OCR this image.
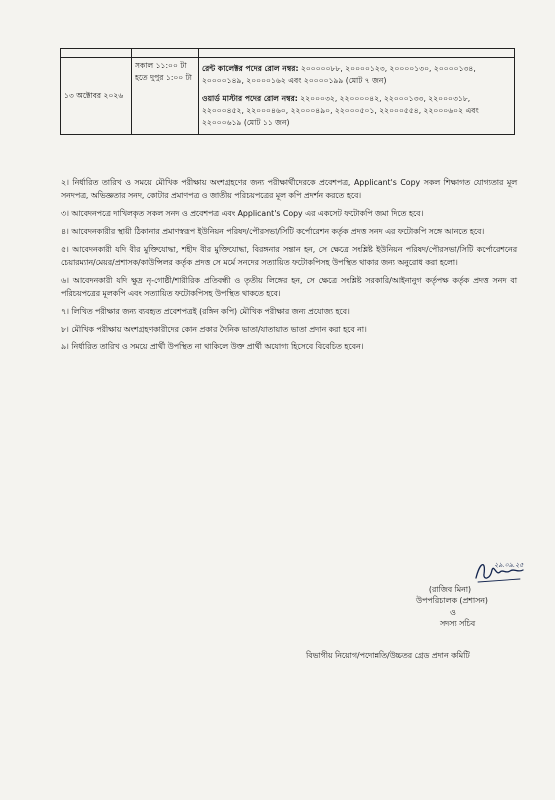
১৩ অক্টোবর ২০২৬	সকাল ১১:০০ টা হতে দুপুর ১:০০ টা	রেন্ট কালেক্টর পদের রোল নম্বর: ২০০০০০৮৮, ২০০০০১২৩, ২০০০০১৩০, ২০০০০১৩৪, ২০০০০১৪৯, ২০০০০১৬২ এবং ২০০০০১৯৯ (মোট ৭ জন)
ওয়ার্ড মাস্টার পদের রোল নম্বর: ২২০০০৩২, ২২০০০০৪২, ২২০০০১৩৩, ২২০০০৩১৮, ২২০০০৪৫২, ২২০০০৪৬০, ২২০০০৪৯০, ২২০০০৫০১, ২২০০০৫৫৪, ২২০০০৬০২ এবং ২২০০০৬১৯ (মোট ১১ জন)

২। নির্ধারিত তারিখ ও সময়ে মৌখিক পরীক্ষায় অংশগ্রহণের জন্য পরীক্ষার্থীদেরকে প্রবেশপত্র, Applicant's Copy সকল শিক্ষাগত যোগ্যতার মূল সনদপত্র, অভিজ্ঞতার সনদ, কোটার প্রমাণপত্র ও জাতীয় পরিচয়পত্রের মূল কপি প্রদর্শন করতে হবে।

৩। আবেদনপত্রে দাখিলকৃত সকল সনদ ও প্রবেশপত্র এবং Applicant's Copy এর একসেট ফটোকপি জমা দিতে হবে।

৪। আবেদনকারীর স্থায়ী ঠিকানার প্রমাণস্বরূপ ইউনিয়ন পরিষদ/পৌরসভা/সিটি কর্পোরেশন কর্তৃক প্রদত্ত সনদ এর ফটোকপি সঙ্গে আনতে হবে।

৫। আবেদনকারী যদি বীর মুক্তিযোদ্ধা, শহীদ বীর মুক্তিযোদ্ধা, বিরঙ্গনার সন্তান হন, সে ক্ষেত্রে সংশ্লিষ্ট ইউনিয়ন পরিষদ/পৌরসভা/সিটি কর্পোরেশনের চেয়ারম্যান/মেয়র/প্রশাসক/কাউন্সিলর কর্তৃক প্রদত্ত সে মর্মে সনদের সত্যায়িত ফটোকপিসহ উপস্থিত থাকার জন্য অনুরোধ করা হলো।

৬। আবেদনকারী যদি ক্ষুদ্র নৃ-গোষ্ঠী/শারীরিক প্রতিবন্ধী ও তৃতীয় লিঙ্গের হন, সে ক্ষেত্রে সংশ্লিষ্ট সরকারি/আইনানুগ কর্তৃপক্ষ কর্তৃক প্রদত্ত সনদ বা পরিচয়পত্রের মূলকপি এবং সত্যায়িত ফটোকপিসহ উপস্থিত থাকতে হবে।

৭। লিখিত পরীক্ষার জন্য ব্যবহৃত প্রবেশপত্রই (রঙ্গিন কপি) মৌখিক পরীক্ষার জন্য প্রযোজ্য হবে।

৮। মৌখিক পরীক্ষায় অংশগ্রহণকারীদের কোন প্রকার দৈনিক ভাতা/যাতায়াত ভাতা প্রদান করা হবে না।

৯। নির্ধারিত তারিখ ও সময়ে প্রার্থী উপস্থিত না থাকিলে উক্ত প্রার্থী অযোগ্য হিসেবে বিবেচিত হবেন।

২৯.০৯.২৫
(রাজিব মিনা)
উপপরিচালক (প্রশাসন)
ও
সদস্য সচিব
বিভাগীয় নিয়োগ/পদোন্নতি/উচ্চতর গ্রেড প্রদান কমিটি
